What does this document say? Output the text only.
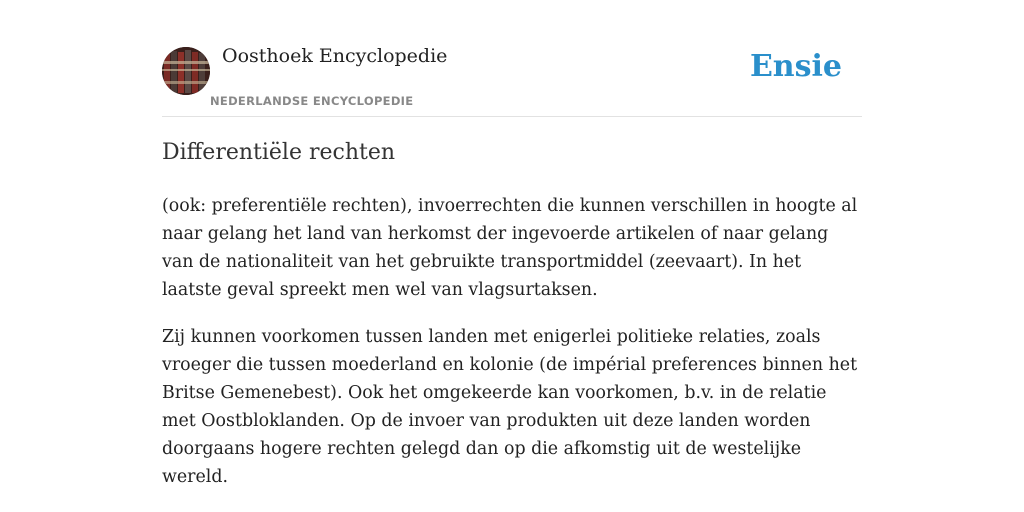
Oosthoek Encyclopedie
NEDERLANDSE ENCYCLOPEDIE
Ensie
Differentiële rechten

(ook: preferentiële rechten), invoerrechten die kunnen verschillen in hoogte al naar gelang het land van herkomst der ingevoerde artikelen of naar gelang van de nationaliteit van het gebruikte transportmiddel (zeevaart). In het laatste geval spreekt men wel van vlagsurtaksen.

Zij kunnen voorkomen tussen landen met enigerlei politieke relaties, zoals vroeger die tussen moederland en kolonie (de impérial preferences binnen het Britse Gemenebest). Ook het omgekeerde kan voorkomen, b.v. in de relatie met Oostbloklanden. Op de invoer van produkten uit deze landen worden doorgaans hogere rechten gelegd dan op die afkomstig uit de westelijke wereld.
